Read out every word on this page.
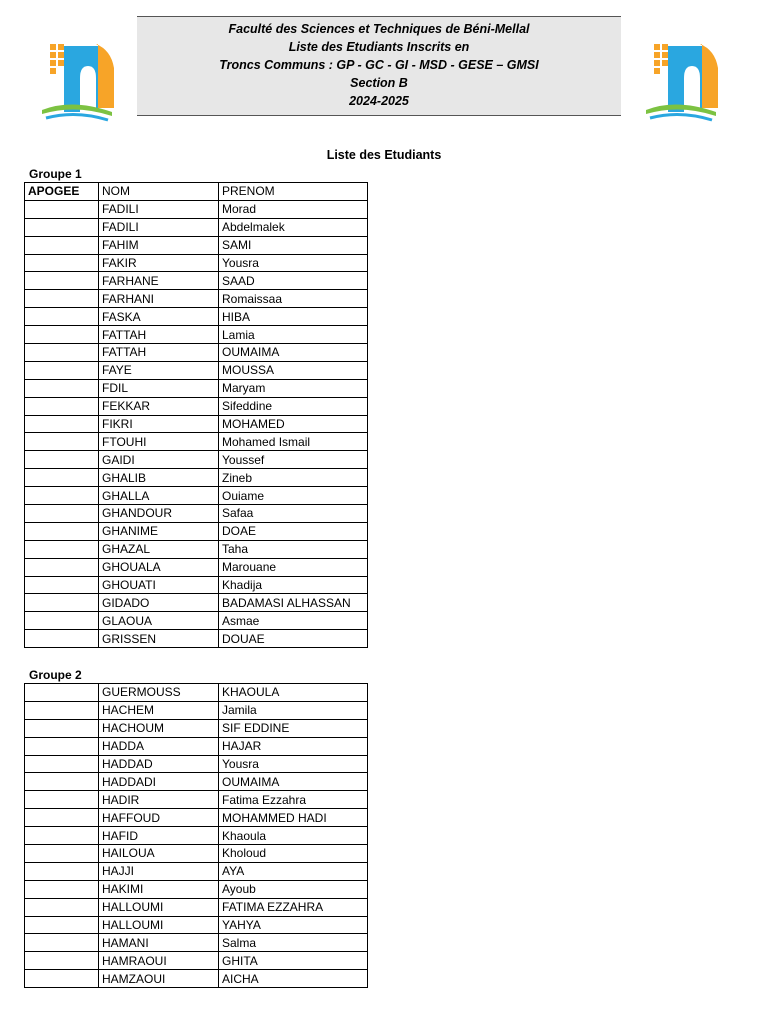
Faculté des Sciences et Techniques de Béni-Mellal
Liste des Etudiants Inscrits en
Troncs Communs : GP - GC - GI - MSD - GESE – GMSI
Section B
2024-2025
Liste des Etudiants
Groupe 1
APOGEE	NOM	PRENOM
	FADILI	Morad
	FADILI	Abdelmalek
	FAHIM	SAMI
	FAKIR	Yousra
	FARHANE	SAAD
	FARHANI	Romaissaa
	FASKA	HIBA
	FATTAH	Lamia
	FATTAH	OUMAIMA
	FAYE	MOUSSA
	FDIL	Maryam
	FEKKAR	Sifeddine
	FIKRI	MOHAMED
	FTOUHI	Mohamed Ismail
	GAIDI	Youssef
	GHALIB	Zineb
	GHALLA	Ouiame
	GHANDOUR	Safaa
	GHANIME	DOAE
	GHAZAL	Taha
	GHOUALA	Marouane
	GHOUATI	Khadija
	GIDADO	BADAMASI ALHASSAN
	GLAOUA	Asmae
	GRISSEN	DOUAE
Groupe 2
	GUERMOUSS	KHAOULA
	HACHEM	Jamila
	HACHOUM	SIF EDDINE
	HADDA	HAJAR
	HADDAD	Yousra
	HADDADI	OUMAIMA
	HADIR	Fatima Ezzahra
	HAFFOUD	MOHAMMED HADI
	HAFID	Khaoula
	HAILOUA	Kholoud
	HAJJI	AYA
	HAKIMI	Ayoub
	HALLOUMI	FATIMA EZZAHRA
	HALLOUMI	YAHYA
	HAMANI	Salma
	HAMRAOUI	GHITA
	HAMZAOUI	AICHA
